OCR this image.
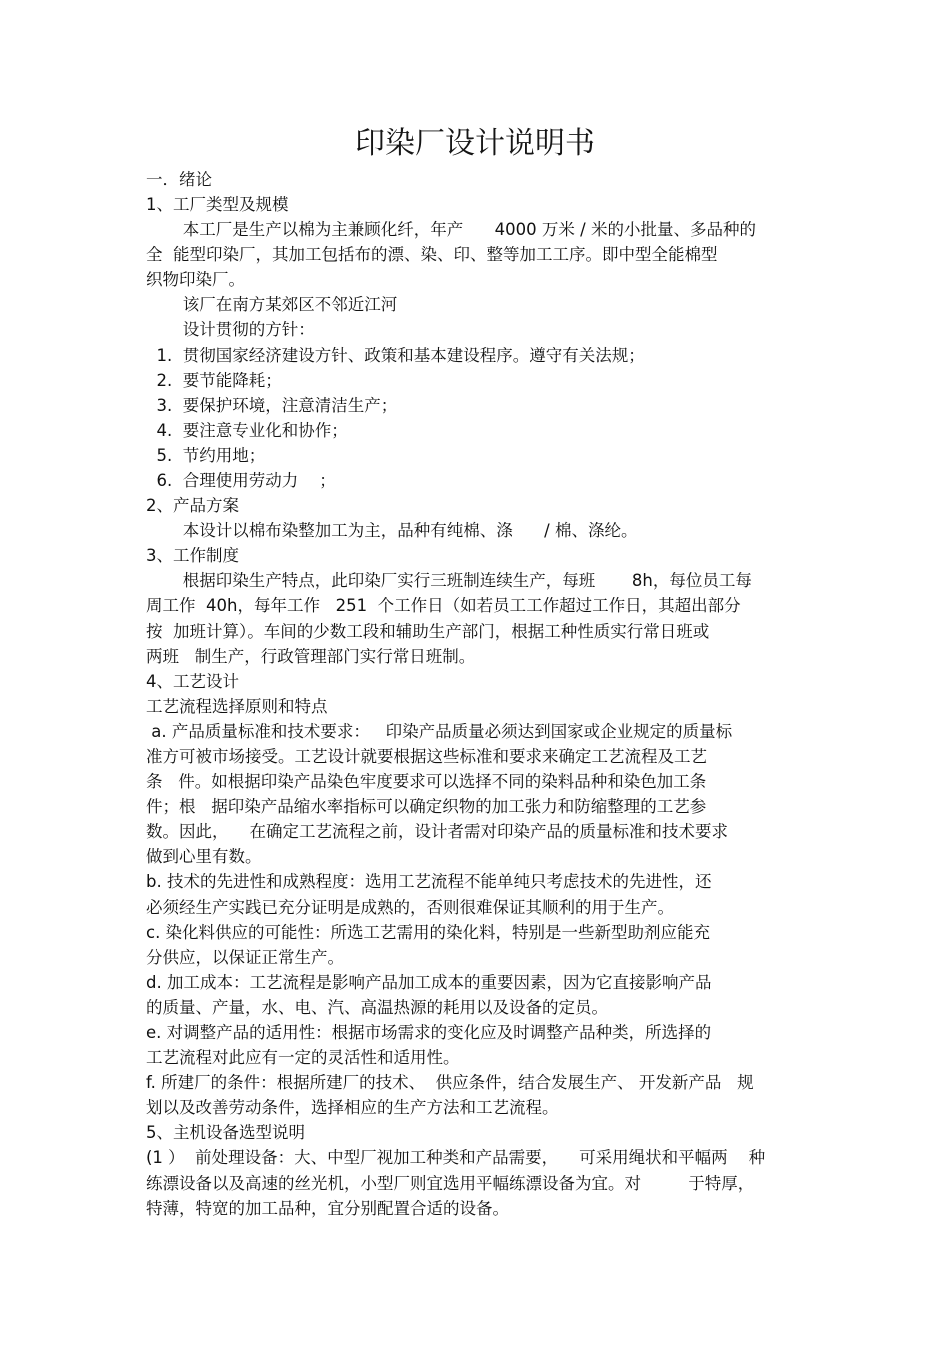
印染厂设计说明书
一．绪论
1、工厂类型及规模
本工厂是生产以棉为主兼顾化纤，年产      4000 万米 / 米的小批量、多品种的
全  能型印染厂，其加工包括布的漂、染、印、整等加工工序。即中型全能棉型
织物印染厂。
该厂在南方某郊区不邻近江河
设计贯彻的方针：
1.  贯彻国家经济建设方针、政策和基本建设程序。遵守有关法规；
2.  要节能降耗；
3.  要保护环境，注意清洁生产；
4.  要注意专业化和协作；
5.  节约用地；
6.  合理使用劳动力    ；
2、产品方案
本设计以棉布染整加工为主，品种有纯棉、涤      / 棉、涤纶。
3、工作制度
根据印染生产特点，此印染厂实行三班制连续生产，每班       8h，每位员工每
周工作  40h，每年工作   251  个工作日（如若员工工作超过工作日，其超出部分
按  加班计算）。车间的少数工段和辅助生产部门，根据工种性质实行常日班或
两班   制生产，行政管理部门实行常日班制。
4、工艺设计
工艺流程选择原则和特点
a. 产品质量标准和技术要求：   印染产品质量必须达到国家或企业规定的质量标
准方可被市场接受。工艺设计就要根据这些标准和要求来确定工艺流程及工艺
条   件。如根据印染产品染色牢度要求可以选择不同的染料品种和染色加工条
件；根   据印染产品缩水率指标可以确定织物的加工张力和防缩整理的工艺参
数。因此，    在确定工艺流程之前，设计者需对印染产品的质量标准和技术要求
做到心里有数。
b. 技术的先进性和成熟程度：选用工艺流程不能单纯只考虑技术的先进性，还
必须经生产实践已充分证明是成熟的，否则很难保证其顺利的用于生产。
c. 染化料供应的可能性：所选工艺需用的染化料，特别是一些新型助剂应能充
分供应，以保证正常生产。
d. 加工成本：工艺流程是影响产品加工成本的重要因素，因为它直接影响产品
的质量、产量，水、电、汽、高温热源的耗用以及设备的定员。
e. 对调整产品的适用性：根据市场需求的变化应及时调整产品种类，所选择的
工艺流程对此应有一定的灵活性和适用性。
f. 所建厂的条件：根据所建厂的技术、  供应条件，结合发展生产、 开发新产品   规
划以及改善劳动条件，选择相应的生产方法和工艺流程。
5、主机设备选型说明
(1 ）  前处理设备：大、中型厂视加工种类和产品需要，    可采用绳状和平幅两    种
练漂设备以及高速的丝光机，小型厂则宜选用平幅练漂设备为宜。对         于特厚，
特薄，特宽的加工品种，宜分别配置合适的设备。
